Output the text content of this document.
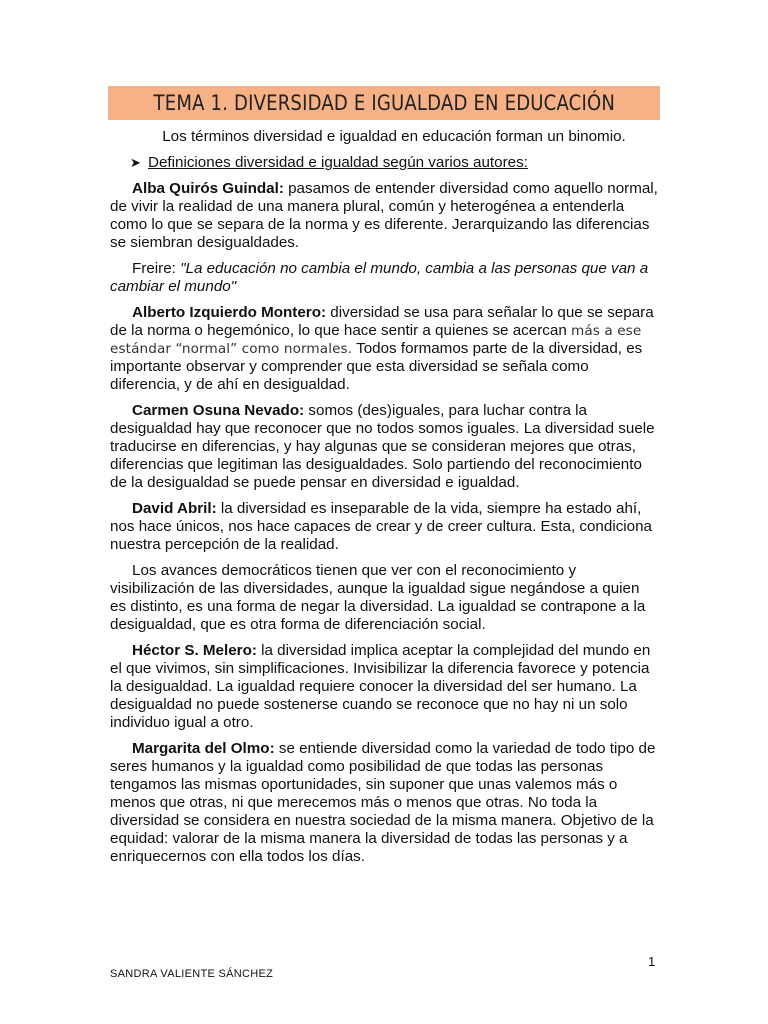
TEMA 1. DIVERSIDAD E IGUALDAD EN EDUCACIÓN

Los términos diversidad e igualdad en educación forman un binomio.

➤ Definiciones diversidad e igualdad según varios autores:

Alba Quirós Guindal: pasamos de entender diversidad como aquello normal, de vivir la realidad de una manera plural, común y heterogénea a entenderla como lo que se separa de la norma y es diferente. Jerarquizando las diferencias se siembran desigualdades.

Freire: "La educación no cambia el mundo, cambia a las personas que van a cambiar el mundo"

Alberto Izquierdo Montero: diversidad se usa para señalar lo que se separa de la norma o hegemónico, lo que hace sentir a quienes se acercan más a ese estándar “normal” como normales. Todos formamos parte de la diversidad, es importante observar y comprender que esta diversidad se señala como diferencia, y de ahí en desigualdad.

Carmen Osuna Nevado: somos (des)iguales, para luchar contra la desigualdad hay que reconocer que no todos somos iguales. La diversidad suele traducirse en diferencias, y hay algunas que se consideran mejores que otras, diferencias que legitiman las desigualdades. Solo partiendo del reconocimiento de la desigualdad se puede pensar en diversidad e igualdad.

David Abril: la diversidad es inseparable de la vida, siempre ha estado ahí, nos hace únicos, nos hace capaces de crear y de creer cultura. Esta, condiciona nuestra percepción de la realidad.

Los avances democráticos tienen que ver con el reconocimiento y visibilización de las diversidades, aunque la igualdad sigue negándose a quien es distinto, es una forma de negar la diversidad. La igualdad se contrapone a la desigualdad, que es otra forma de diferenciación social.

Héctor S. Melero: la diversidad implica aceptar la complejidad del mundo en el que vivimos, sin simplificaciones. Invisibilizar la diferencia favorece y potencia la desigualdad. La igualdad requiere conocer la diversidad del ser humano. La desigualdad no puede sostenerse cuando se reconoce que no hay ni un solo individuo igual a otro.

Margarita del Olmo: se entiende diversidad como la variedad de todo tipo de seres humanos y la igualdad como posibilidad de que todas las personas tengamos las mismas oportunidades, sin suponer que unas valemos más o menos que otras, ni que merecemos más o menos que otras. No toda la diversidad se considera en nuestra sociedad de la misma manera. Objetivo de la equidad: valorar de la misma manera la diversidad de todas las personas y a enriquecernos con ella todos los días.

1
SANDRA VALIENTE SÁNCHEZ
